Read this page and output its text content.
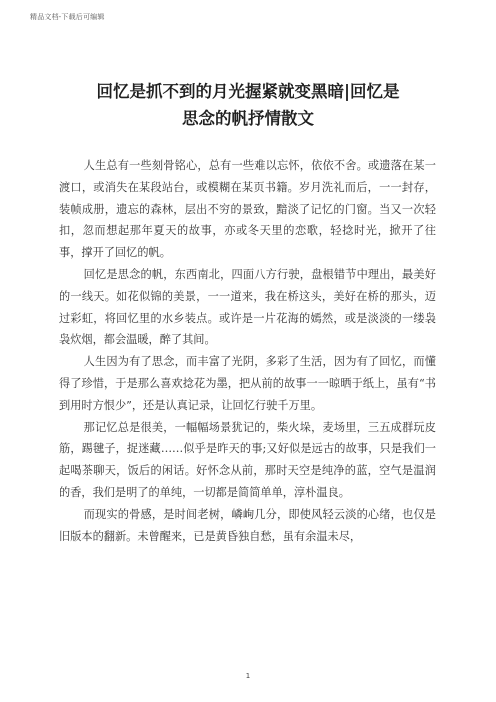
精品文档-下载后可编辑
回忆是抓不到的月光握紧就变黑暗|回忆是
思念的帆抒情散文

人生总有一些刻骨铭心，总有一些难以忘怀，依依不舍。或遗落在某一渡口，或消失在某段站台，或模糊在某页书籍。岁月洗礼而后，一一封存，装帧成册，遗忘的森林，层出不穷的景致，黯淡了记忆的门窗。当又一次轻扣，忽而想起那年夏天的故事，亦或冬天里的恋歌，轻捻时光，掀开了往事，撑开了回忆的帆。

回忆是思念的帆，东西南北，四面八方行驶，盘根错节中理出，最美好的一线天。如花似锦的美景，一一道来，我在桥这头，美好在桥的那头，迈过彩虹，将回忆里的水乡装点。或许是一片花海的嫣然，或是淡淡的一缕袅袅炊烟，都会温暖，醉了其间。

人生因为有了思念，而丰富了光阴，多彩了生活，因为有了回忆，而懂得了珍惜，于是那么喜欢捻花为墨，把从前的故事一一晾晒于纸上，虽有“书到用时方恨少”，还是认真记录，让回忆行驶千万里。

那记忆总是很美，一幅幅场景犹记的，柴火垛，麦场里，三五成群玩皮筋，踢毽子，捉迷藏……似乎是昨天的事;又好似是远古的故事，只是我们一起喝茶聊天，饭后的闲话。好怀念从前，那时天空是纯净的蓝，空气是温润的香，我们是明了的单纯，一切都是简简单单，淳朴温良。

而现实的骨感，是时间老树，嶙峋几分，即使风轻云淡的心绪，也仅是旧版本的翻新。未曾醒来，已是黄昏独自愁，虽有余温未尽，

1
